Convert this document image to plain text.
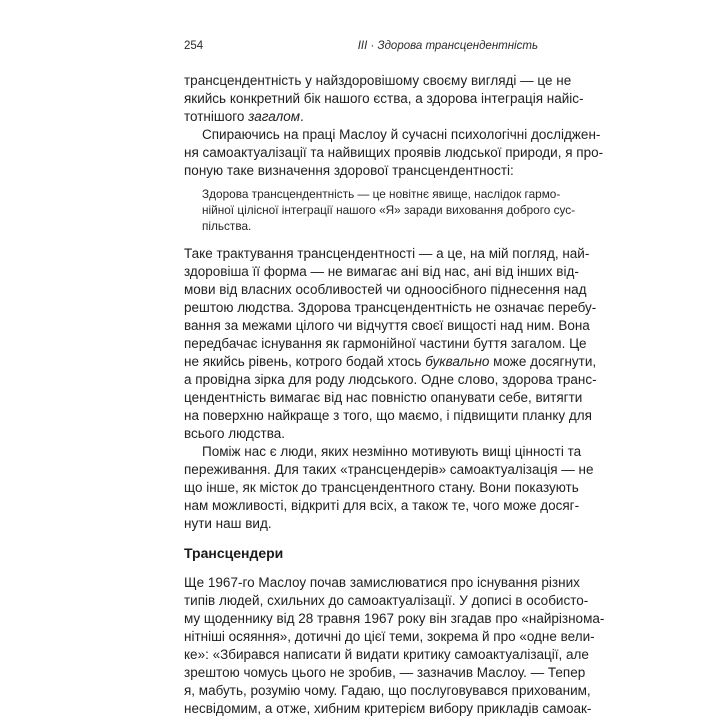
254	III · Здорова трансцендентність
трансцендентність у найздоровішому своєму вигляді — це не
якийсь конкретний бік нашого єства, а здорова інтеграція найіс-
тотнішого загалом.
Спираючись на праці Маслоу й сучасні психологічні досліджен-
ня самоактуалізації та найвищих проявів людської природи, я про-
поную таке визначення здорової трансцендентності:
Здорова трансцендентність — це новітнє явище, наслідок гармо-
нійної цілісної інтеграції нашого «Я» заради виховання доброго сус-
пільства.
Таке трактування трансцендентності — а це, на мій погляд, най-
здоровіша її форма — не вимагає ані від нас, ані від інших від-
мови від власних особливостей чи одноосібного піднесення над
рештою людства. Здорова трансцендентність не означає перебу-
вання за межами цілого чи відчуття своєї вищості над ним. Вона
передбачає існування як гармонійної частини буття загалом. Це
не якийсь рівень, котрого бодай хтось буквально може досягнути,
а провідна зірка для роду людського. Одне слово, здорова транс-
цендентність вимагає від нас повністю опанувати себе, витягти
на поверхню найкраще з того, що маємо, і підвищити планку для
всього людства.
Поміж нас є люди, яких незмінно мотивують вищі цінності та
переживання. Для таких «трансцендерів» самоактуалізація — не
що інше, як місток до трансцендентного стану. Вони показують
нам можливості, відкриті для всіх, а також те, чого може досяг-
нути наш вид.
Трансцендери
Ще 1967-го Маслоу почав замислюватися про існування різних
типів людей, схильних до самоактуалізації. У дописі в особисто-
му щоденнику від 28 травня 1967 року він згадав про «найрізнома-
нітніші осяяння», дотичні до цієї теми, зокрема й про «одне вели-
ке»: «Збирався написати й видати критику самоактуалізації, але
зрештою чомусь цього не зробив, — зазначив Маслоу. — Тепер
я, мабуть, розумію чому. Гадаю, що послуговувався прихованим,
несвідомим, а отже, хибним критерієм вибору прикладів самоак-
